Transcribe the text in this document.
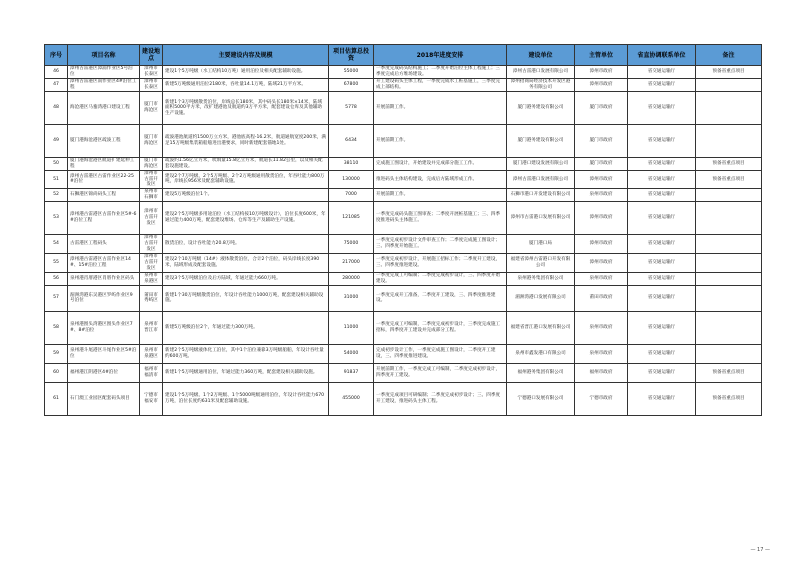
序号	项目名称	建设地点	主要建设内容及规模	项目估算总投资	2018年进度安排	建设单位	主管单位	省直协调联系单位	备注
46	漳州古雷港区漳浦作业区5号泊位	漳州市长泰区	建设1个5万吨级（水工结构10万吨）通用泊位及相关配套辅助设施。	55000	一季度完成码头结构施工；二季度开始泊位主体工程施工；三季度完成后方堆场建设。	漳州古雷港口发展有限公司	漳州市政府	省交通运输厅	预备省重点项目
47	漳州古雷港区南作业区4#泊位工程	漳州市长泰区	新建5万吨级通用泊位2180米，吞吐量14.1万吨，陆域21万平方米。	67800	开工建设码头主体工程，一季度完成水工桩基施工，三季度完成上部结构。	漳州招商局经济技术开发区港务有限公司	漳州市政府	省交通运输厅	
48	海沧港区马銮湾港口建设工程	厦门市海沧区	新建1个3万吨级散货泊位，岸线总长180米，其中码头长180米×14米，陆域面积5000平方米，改扩建港池及航道约3万平方米，配套建设仓库及其他辅助生产设施。	5778	开展前期工作。	厦门港务建设有限公司	厦门市政府	省交通运输厅	
49	厦门港海沧港区疏浚工程	厦门市海沧区	疏浚港池航道约1500万立方米，港池底高程-16.2米，航道通航宽度200米，满足15万吨级集装箱船舶进出港要求，同时新建配套锚地1处。	6434	开展前期工作。	厦门港务建设有限公司	厦门市政府	省交通运输厅	
50	厦门港海沧港区航道扩建延伸工程	厦门市海沧区	疏浚约1.56亿立方米，吹填量15.8亿立方米，航道长11.82公里，以及相关配套设施建设。	38110	完成施工图设计，开始建设并完成部分施工工作。	厦门港口建设发展有限公司	厦门市政府	省交通运输厅	预备省重点项目
51	漳州古雷港区古雷作业区22-25#泊位	漳州市古雷开发区	建设2个7万吨级、2个5万吨级、2个2万吨级通用散货泊位，年吞吐能力800万吨，岸线长956米及配套辅助设施。	130000	推进码头主体结构建设，完成后方陆域形成工作。	漳州古雷港口发展有限公司	漳州市政府	省交通运输厅	预备省重点项目
52	石狮港区锦尚码头工程	泉州市石狮市	建设5万吨级泊位1个。	7000	开展前期工作。	石狮市港口开发建设有限公司	泉州市政府	省交通运输厅	
53	漳州港古雷港区古雷作业区5#-6#泊位工程	漳州市古雷开发区	建设2个5万吨级多用途泊位（水工结构按10万吨级设计），泊位长度600米，年通过能力400万吨，配套建设堆场、仓库等生产及辅助生产设施。	121085	一季度完成码头施工图审查；二季度开展桩基施工；三、四季度推进码头主体施工。	漳州市古雷港口发展有限公司	漳州市政府	省交通运输厅	
54	古雷港区工程码头	漳州市古雷开发区	散货泊位，设计吞吐能力20.8万吨。	75000	一季度完成初步设计文件审查工作；二季度完成施工图设计；三、四季度开始施工。	厦门港口局	漳州市政府	省交通运输厅	
55	漳州港古雷港区古雷作业区14#、15#泊位工程	漳州市古雷开发区	建设2个10万吨级（14#）液体散货泊位，合计2个泊位，码头岸线长度390米，陆域形成及配套设施。	217000	一季度完成初步设计，开展施工招标工作；二季度开工建设，三、四季度推进建设。	福建省漳州古雷港口开发有限公司	漳州市政府	省交通运输厅	
56	泉州港肖厝港区肖厝作业区码头	泉州市泉港区	建设3个5万吨级泊位及后方陆域，年通过能力660万吨。	280000	一季度完成工可编制；二季度完成初步设计，三、四季度开始建设。	泉州港务集团有限公司	泉州市政府	省交通运输厅	
57	湄洲湾港东吴港区罗屿作业区9号泊位	莆田市秀屿区	新建1个30万吨级散货泊位，年设计吞吐能力1000万吨，配套建设相关辅助设施。	31000	一季度完成开工准备，二季度开工建设，三、四季度推进建设。	湄洲湾港口发展有限公司	莆田市政府	省交通运输厅	
58	泉州港围头湾港区围头作业区7#、8#泊位	泉州市晋江市	新建5万吨级泊位2个，年通过能力300万吨。	11000	一季度完成工可编制，二季度完成初步设计，三季度完成施工招标，四季度开工建设并完成部分工程。	福建省晋江港口发展有限公司	泉州市政府	省交通运输厅	
59	泉州港斗尾港区斗尾作业区5#泊位	泉州市泉港区	新建2个5万吨级液体化工泊位，其中1个泊位兼靠3万吨级船舶，年设计吞吐量约600万吨。	54000	完成初步设计工作，一季度完成施工图设计，二季度开工建设，三、四季度推进建设。	泉州市鑫发港口有限公司	泉州市政府	省交通运输厅	
60	福州港江阴港区4#泊位	福州市福清市	新建1个5万吨级通用泊位，年通过能力360万吨，配套建设相关辅助设施。	91837	开展前期工作，一季度完成工可编制，二季度完成初步设计，四季度开工建设。	福州港务集团有限公司	福州市政府	省交通运输厅	预备省重点项目
61	石门澳工业园区配套码头项目	宁德市福安市	建设1个5万吨级、1个2万吨级、1个5000吨级通用泊位，年设计吞吐能力670万吨，泊位长度约631米及配套辅助设施。	455000	一季度完成项目可研编制；二季度完成初步设计；三、四季度开工建设，推进码头主体工程。	宁德港口发展有限公司	宁德市政府	省交通运输厅	预备省重点项目
— 17 —
